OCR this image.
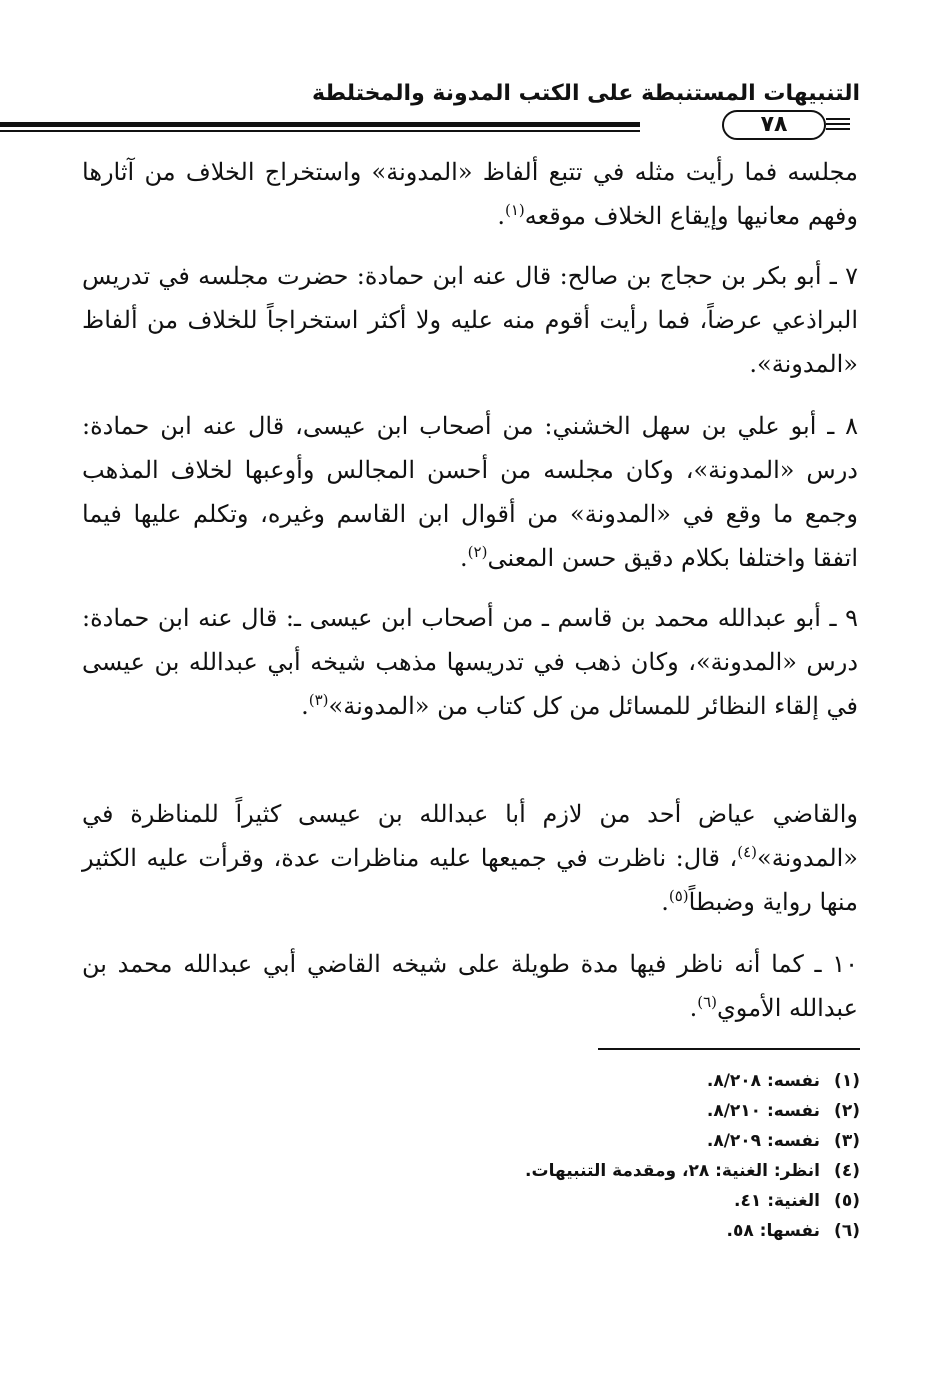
التنبيهات المستنبطة على الكتب المدونة والمختلطة
٧٨

مجلسه فما رأيت مثله في تتبع ألفاظ «المدونة» واستخراج الخلاف من آثارها وفهم معانيها وإيقاع الخلاف موقعه$^{(١)}$.

٧ ـ أبو بكر بن حجاج بن صالح: قال عنه ابن حمادة: حضرت مجلسه في تدريس البراذعي عرضاً، فما رأيت أقوم منه عليه ولا أكثر استخراجاً للخلاف من ألفاظ «المدونة».

٨ ـ أبو علي بن سهل الخشني: من أصحاب ابن عيسى، قال عنه ابن حمادة: درس «المدونة»، وكان مجلسه من أحسن المجالس وأوعبها لخلاف المذهب وجمع ما وقع في «المدونة» من أقوال ابن القاسم وغيره، وتكلم عليها فيما اتفقا واختلفا بكلام دقيق حسن المعنى$^{(٢)}$.

٩ ـ أبو عبدالله محمد بن قاسم ـ من أصحاب ابن عيسى ـ: قال عنه ابن حمادة: درس «المدونة»، وكان ذهب في تدريسها مذهب شيخه أبي عبدالله بن عيسى في إلقاء النظائر للمسائل من كل كتاب من «المدونة»$^{(٣)}$.

والقاضي عياض أحد من لازم أبا عبدالله بن عيسى كثيراً للمناظرة في «المدونة»$^{(٤)}$، قال: ناظرت في جميعها عليه مناظرات عدة، وقرأت عليه الكثير منها رواية وضبطاً$^{(٥)}$.

١٠ ـ كما أنه ناظر فيها مدة طويلة على شيخه القاضي أبي عبدالله محمد بن عبدالله الأموي$^{(٦)}$.

(١)نفسه: ٨/٢٠٨.
(٢)نفسه: ٨/٢١٠.
(٣)نفسه: ٨/٢٠٩.
(٤)انظر: الغنية: ٢٨، ومقدمة التنبيهات.
(٥)الغنية: ٤١.
(٦)نفسها: ٥٨.
